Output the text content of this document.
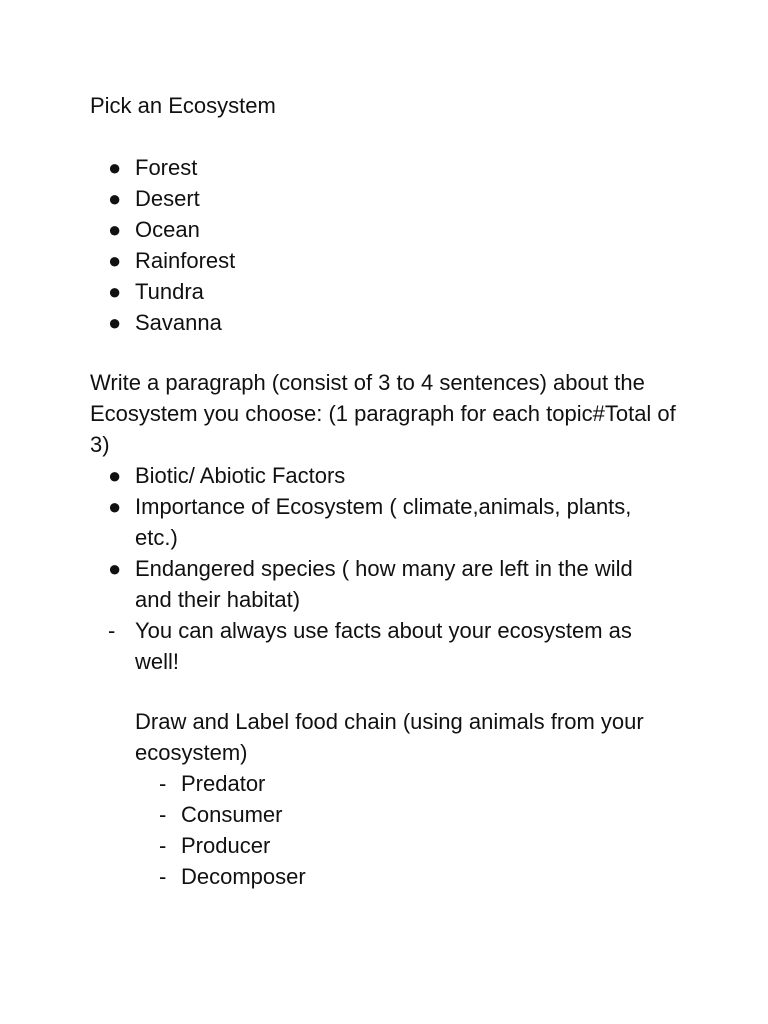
Pick an Ecosystem
● Forest
● Desert
● Ocean
● Rainforest
● Tundra
● Savanna

Write a paragraph (consist of 3 to 4 sentences) about the Ecosystem you choose: (1 paragraph for each topic#Total of 3)

● Biotic/ Abiotic Factors
● Importance of Ecosystem ( climate,animals, plants, etc.)
● Endangered species ( how many are left in the wild and their habitat)
- You can always use facts about your ecosystem as well!

Draw and Label food chain (using animals from your ecosystem)

- Predator
- Consumer
- Producer
- Decomposer
